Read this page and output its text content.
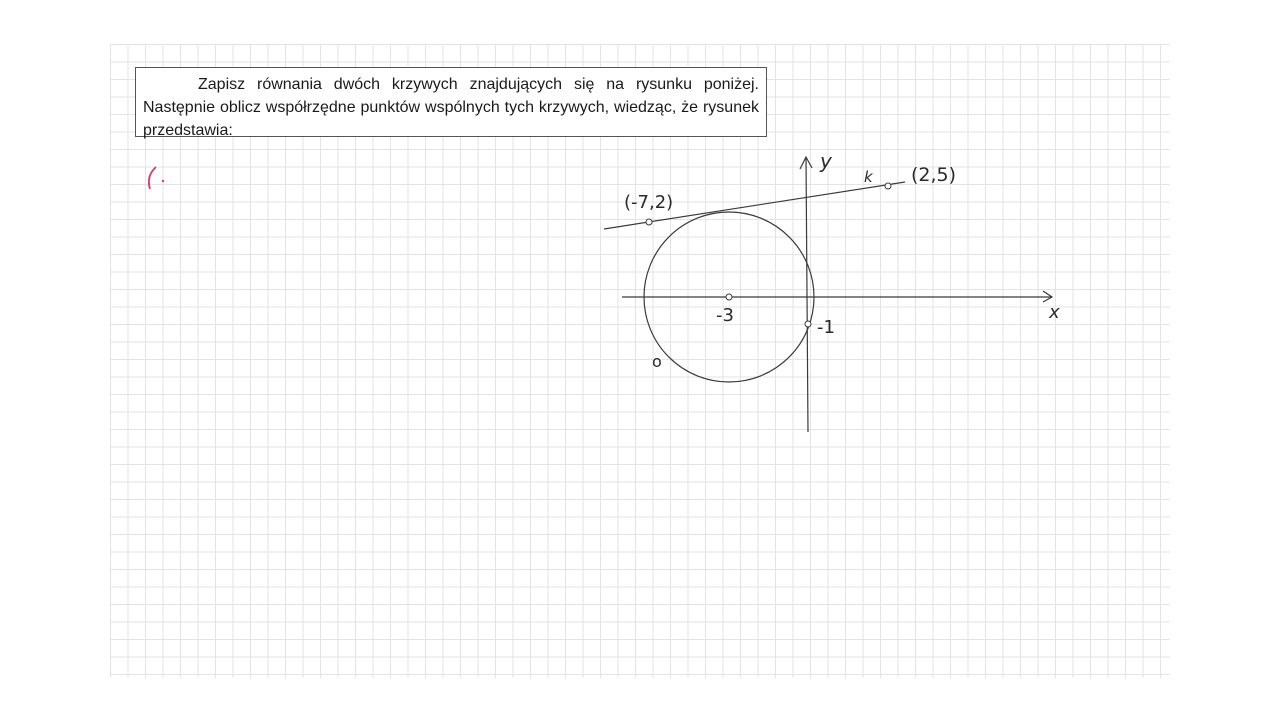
Zapisz równania dwóch krzywych znajdujących się na rysunku poniżej. Następnie oblicz współrzędne punktów wspólnych tych krzywych, wiedząc, że rysunek przedstawia:
x
y
k
(-7,2)
(2,5)
-3
-1
o
